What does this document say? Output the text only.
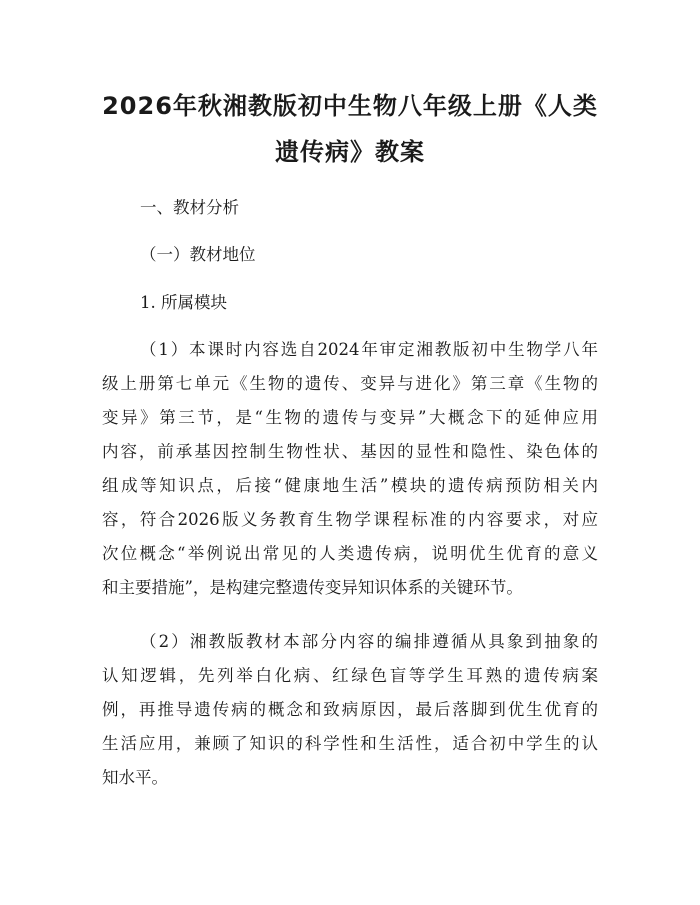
2026年秋湘教版初中生物八年级上册《人类
遗传病》教案

一、教材分析

（一）教材地位

1. 所属模块

（1）本课时内容选自2024年审定湘教版初中生物学八年

级上册第七单元《生物的遗传、变异与进化》第三章《生物的

变异》第三节，是“生物的遗传与变异”大概念下的延伸应用

内容，前承基因控制生物性状、基因的显性和隐性、染色体的

组成等知识点，后接“健康地生活”模块的遗传病预防相关内

容，符合2026版义务教育生物学课程标准的内容要求，对应

次位概念“举例说出常见的人类遗传病，说明优生优育的意义

和主要措施”，是构建完整遗传变异知识体系的关键环节。

（2）湘教版教材本部分内容的编排遵循从具象到抽象的

认知逻辑，先列举白化病、红绿色盲等学生耳熟的遗传病案

例，再推导遗传病的概念和致病原因，最后落脚到优生优育的

生活应用，兼顾了知识的科学性和生活性，适合初中学生的认

知水平。
